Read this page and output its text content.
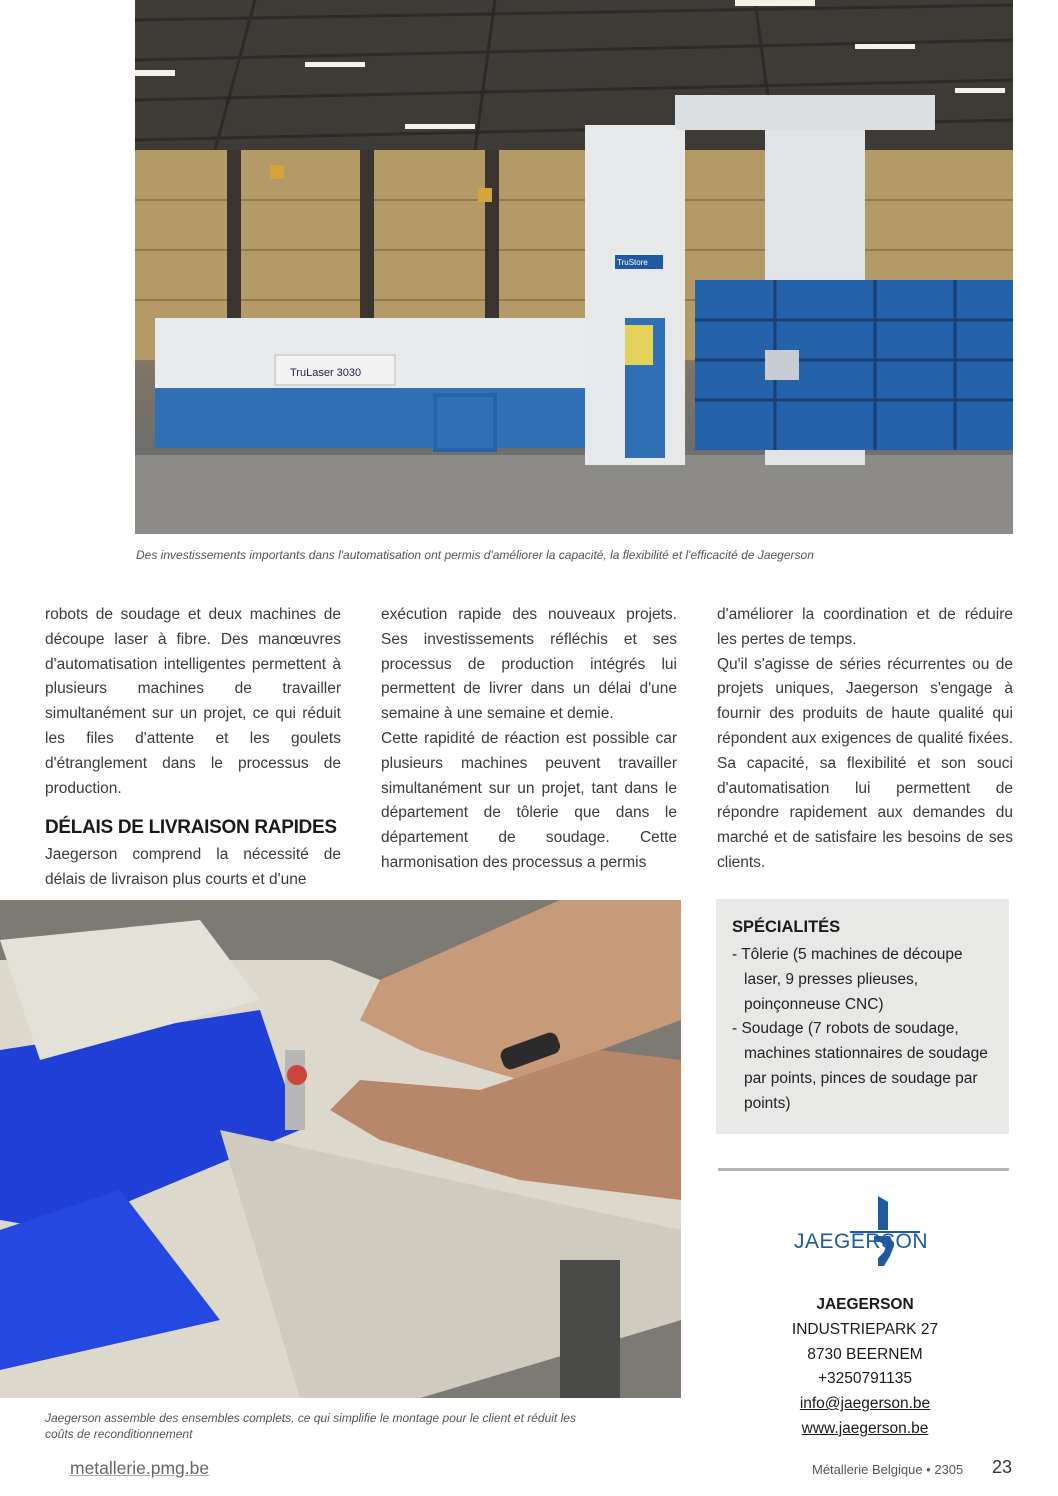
TruLaser 3030
TruStore
Des investissements importants dans l'automatisation ont permis d'améliorer la capacité, la flexibilité et l'efficacité de Jaegerson

robots de soudage et deux machines de découpe laser à fibre. Des manœuvres d'automatisation intelligentes permettent à plusieurs machines de travailler simultanément sur un projet, ce qui réduit les files d'attente et les goulets d'étranglement dans le processus de production.

DÉLAIS DE LIVRAISON RAPIDES

Jaegerson comprend la nécessité de délais de livraison plus courts et d'une

exécution rapide des nouveaux projets. Ses investissements réfléchis et ses processus de production intégrés lui permettent de livrer dans un délai d'une semaine à une semaine et demie.

Cette rapidité de réaction est possible car plusieurs machines peuvent travailler simultanément sur un projet, tant dans le département de tôlerie que dans le département de soudage. Cette harmonisation des processus a permis

d'améliorer la coordination et de réduire les pertes de temps.

Qu'il s'agisse de séries récurrentes ou de projets uniques, Jaegerson s'engage à fournir des produits de haute qualité qui répondent aux exigences de qualité fixées. Sa capacité, sa flexibilité et son souci d'automatisation lui permettent de répondre rapidement aux demandes du marché et de satisfaire les besoins de ses clients.

Jaegerson assemble des ensembles complets, ce qui simplifie le montage pour le client et réduit les coûts de reconditionnement
SPÉCIALITÉS
- Tôlerie (5 machines de découpe laser, 9 presses plieuses, poinçonneuse CNC)
- Soudage (7 robots de soudage, machines stationnaires de soudage par points, pinces de soudage par points)
JAEGERSON
JAEGERSON
INDUSTRIEPARK 27
8730 BEERNEM
+3250791135
info@jaegerson.be
www.jaegerson.be
metallerie.pmg.be	Métallerie Belgique • 2305 23
